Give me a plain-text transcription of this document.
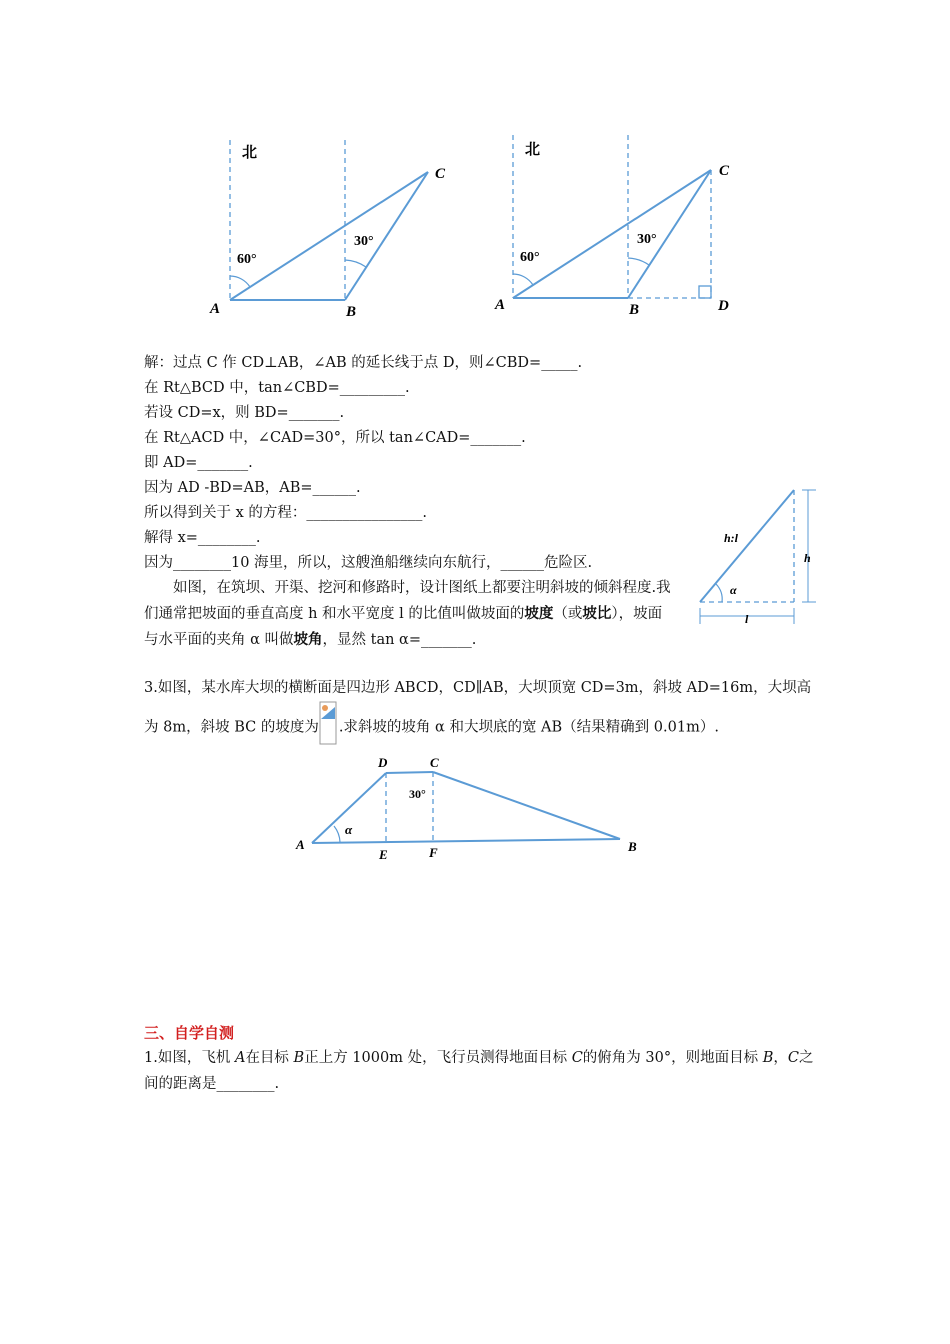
北
60°
30°
A	B
C
北
60°
30°
A	B
C
D
解：过点 C 作 CD⊥AB，∠AB 的延长线于点 D，则∠CBD=_____.
在 Rt△BCD 中，tan∠CBD=_________.
若设 CD=x，则 BD=_______.
在 Rt△ACD 中，∠CAD=30°，所以 tan∠CAD=_______.
即 AD=_______.
因为 AD -BD=AB，AB=______.
所以得到关于 x 的方程：________________.
解得 x=________.
因为________10 海里，所以，这艘渔船继续向东航行，______危险区.
h:l
h
l
α
如图，在筑坝、开渠、挖河和修路时，设计图纸上都要注明斜坡的倾斜程度.我们通常把坡面的垂直高度 h 和水平宽度 l 的比值叫做坡面的坡度（或坡比），坡面与水平面的夹角 α 叫做坡角，显然 tan α=_______.
3.如图，某水库大坝的横断面是四边形 ABCD，CD∥AB，大坝顶宽 CD=3m，斜坡 AD=16m，大坝高为 8m，斜坡 BC 的坡度为 .求斜坡的坡角 α 和大坝底的宽 AB（结果精确到 0.01m）.
A	B
C
D
E	F
α
30°
三、自学自测
1.如图，飞机 A在目标 B正上方 1000m 处，飞行员测得地面目标 C的俯角为 30°，则地面目标 B，C之间的距离是________.
